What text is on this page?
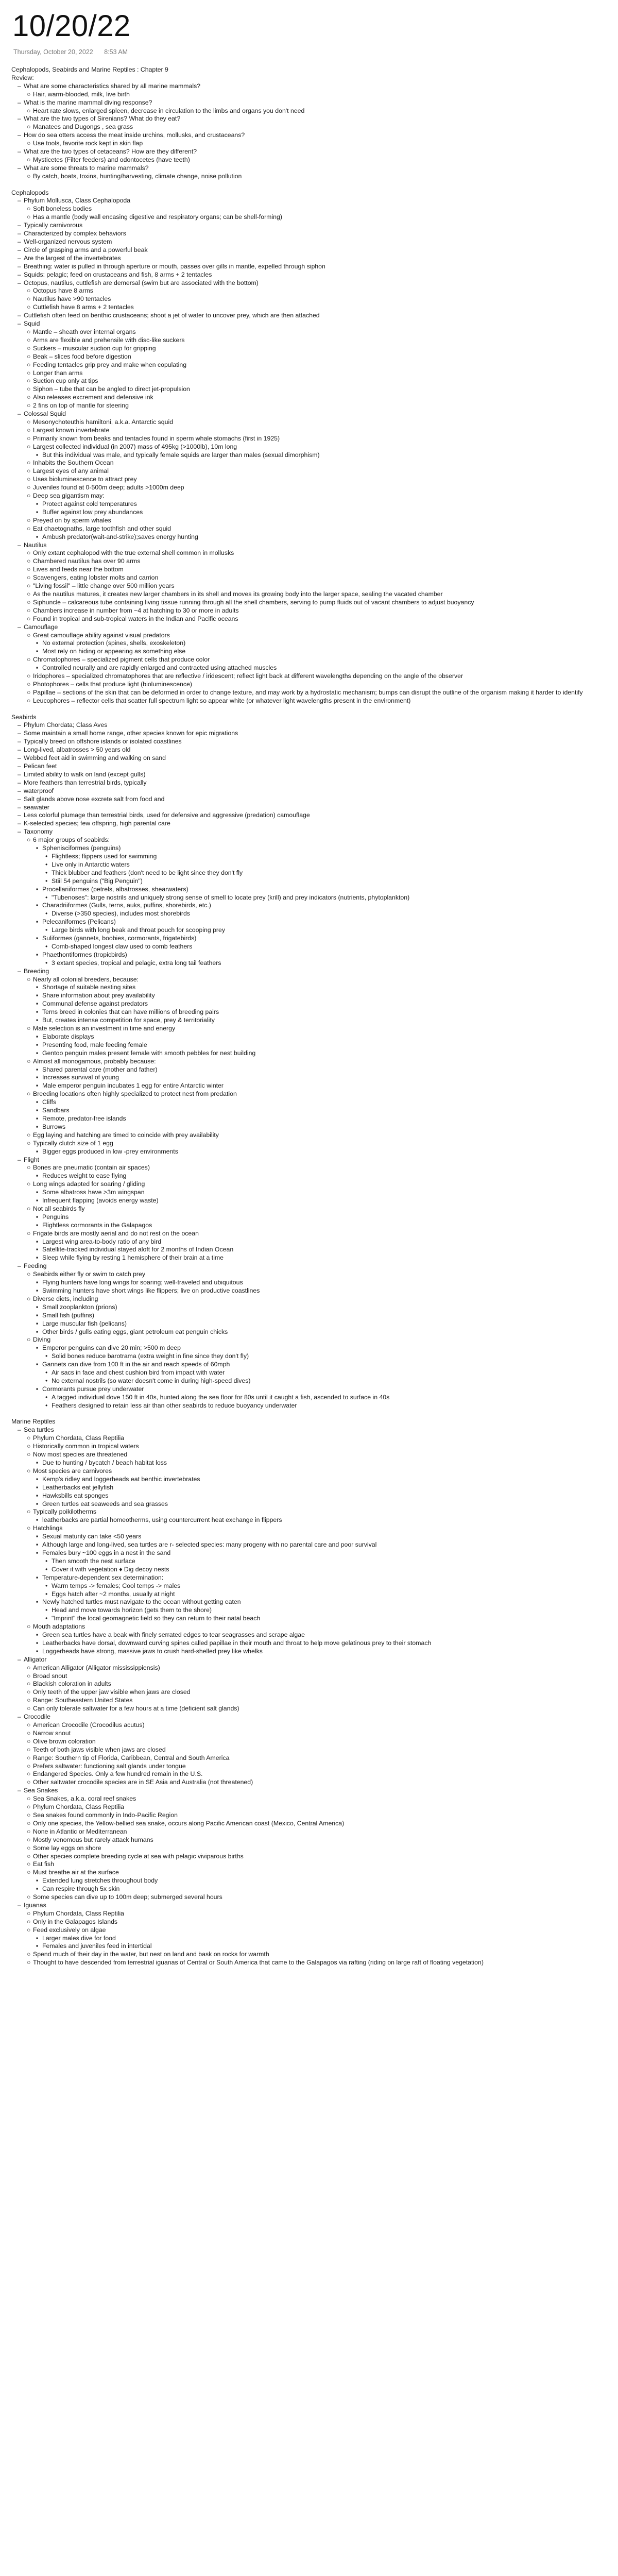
10/20/22
Thursday, October 20, 2022 8:53 AM
Cephalopods, Seabirds and Marine Reptiles : Chapter 9
Review:
– What are some characteristics shared by all marine mammals?
○ Hair, warm-blooded, milk, live birth
– What is the marine mammal diving response?
○ Heart rate slows, enlarged spleen, decrease in circulation to the limbs and organs you don't need
– What are the two types of Sirenians? What do they eat?
○ Manatees and Dugongs , sea grass
– How do sea otters access the meat inside urchins, mollusks, and crustaceans?
○ Use tools, favorite rock kept in skin flap
– What are the two types of cetaceans? How are they different?
○ Mysticetes (Filter feeders) and odontocetes (have teeth)
– What are some threats to marine mammals?
○ By catch, boats, toxins, hunting/harvesting, climate change, noise pollution
Cephalopods
– Phylum Mollusca, Class Cephalopoda
○ Soft boneless bodies
○ Has a mantle (body wall encasing digestive and respiratory organs; can be shell-forming)
– Typically carnivorous
– Characterized by complex behaviors
– Well-organized nervous system
– Circle of grasping arms and a powerful beak
– Are the largest of the invertebrates
– Breathing: water is pulled in through aperture or mouth, passes over gills in mantle, expelled through siphon
– Squids: pelagic; feed on crustaceans and fish, 8 arms + 2 tentacles
– Octopus, nautilus, cuttlefish are demersal (swim but are associated with the bottom)
○ Octopus have 8 arms
○ Nautilus have >90 tentacles
○ Cuttlefish have 8 arms + 2 tentacles
– Cuttlefish often feed on benthic crustaceans; shoot a jet of water to uncover prey, which are then attached
– Squid
○ Mantle – sheath over internal organs
○ Arms are flexible and prehensile with disc-like suckers
○ Suckers – muscular suction cup for gripping
○ Beak – slices food before digestion
○ Feeding tentacles grip prey and make when copulating
○ Longer than arms
○ Suction cup only at tips
○ Siphon – tube that can be angled to direct jet-propulsion
○ Also releases excrement and defensive ink
○ 2 fins on top of mantle for steering
– Colossal Squid
○ Mesonychoteuthis hamiltoni, a.k.a. Antarctic squid
○ Largest known invertebrate
○ Primarily known from beaks and tentacles found in sperm whale stomachs (first in 1925)
○ Largest collected individual (in 2007) mass of 495kg (>1000lb), 10m long
▪ But this individual was male, and typically female squids are larger than males (sexual dimorphism)
○ Inhabits the Southern Ocean
○ Largest eyes of any animal
○ Uses bioluminescence to attract prey
○ Juveniles found at 0-500m deep; adults >1000m deep
○ Deep sea gigantism may:
▪ Protect against cold temperatures
▪ Buffer against low prey abundances
○ Preyed on by sperm whales
○ Eat chaetognaths, large toothfish and other squid
▪ Ambush predator(wait-and-strike);saves energy hunting
– Nautilus
○ Only extant cephalopod with the true external shell common in mollusks
○ Chambered nautilus has over 90 arms
○ Lives and feeds near the bottom
○ Scavengers, eating lobster molts and carrion
○ "Living fossil" – little change over 500 million years
○ As the nautilus matures, it creates new larger chambers in its shell and moves its growing body into the larger space, sealing the vacated chamber
○ Siphuncle – calcareous tube containing living tissue running through all the shell chambers, serving to pump fluids out of vacant chambers to adjust buoyancy
○ Chambers increase in number from ~4 at hatching to 30 or more in adults
○ Found in tropical and sub-tropical waters in the Indian and Pacific oceans
– Camouflage
○ Great camouflage ability against visual predators
▪ No external protection (spines, shells, exoskeleton)
▪ Most rely on hiding or appearing as something else
○ Chromatophores – specialized pigment cells that produce color
▪ Controlled neurally and are rapidly enlarged and contracted using attached muscles
○ Iridophores – specialized chromatophores that are reflective / iridescent; reflect light back at different wavelengths depending on the angle of the observer
○ Photophores – cells that produce light (bioluminescence)
○ Papillae – sections of the skin that can be deformed in order to change texture, and may work by a hydrostatic mechanism; bumps can disrupt the outline of the organism making it harder to identify
○ Leucophores – reflector cells that scatter full spectrum light so appear white (or whatever light wavelengths present in the environment)
Seabirds
– Phylum Chordata; Class Aves
– Some maintain a small home range, other species known for epic migrations
– Typically breed on offshore islands or isolated coastlines
– Long-lived, albatrosses > 50 years old
– Webbed feet aid in swimming and walking on sand
– Pelican feet
– Limited ability to walk on land (except gulls)
– More feathers than terrestrial birds, typically
– waterproof
– Salt glands above nose excrete salt from food and
– seawater
– Less colorful plumage than terrestrial birds, used for defensive and aggressive (predation) camouflage
– K-selected species; few offspring, high parental care
– Taxonomy
○ 6 major groups of seabirds:
▪ Sphenisciformes (penguins)
• Flightless; flippers used for swimming
• Live only in Antarctic waters
• Thick blubber and feathers (don't need to be light since they don't fly
• Stiil 54 penguins ("Big Penguin")
▪ Procellariiformes (petrels, albatrosses, shearwaters)
• "Tubenoses": large nostrils and uniquely strong sense of smell to locate prey (krill) and prey indicators (nutrients, phytoplankton)
▪ Charadriiformes (Gulls, terns, auks, puffins, shorebirds, etc.)
• Diverse (>350 species), includes most shorebirds
▪ Pelecaniformes (Pelicans)
• Large birds with long beak and throat pouch for scooping prey
▪ Suliformes (gannets, boobies, cormorants, frigatebirds)
• Comb-shaped longest claw used to comb feathers
▪ Phaethontiformes (tropicbirds)
• 3 extant species, tropical and pelagic, extra long tail feathers
– Breeding
○ Nearly all colonial breeders, because:
▪ Shortage of suitable nesting sites
▪ Share information about prey availability
▪ Communal defense against predators
▪ Terns breed in colonies that can have millions of breeding pairs
▪ But, creates intense competition for space, prey & territoriality
○ Mate selection is an investment in time and energy
▪ Elaborate displays
▪ Presenting food, male feeding female
▪ Gentoo penguin males present female with smooth pebbles for nest building
○ Almost all monogamous, probably because:
▪ Shared parental care (mother and father)
▪ Increases survival of young
▪ Male emperor penguin incubates 1 egg for entire Antarctic winter
○ Breeding locations often highly specialized to protect nest from predation
▪ Cliffs
▪ Sandbars
▪ Remote, predator-free islands
▪ Burrows
○ Egg laying and hatching are timed to coincide with prey availability
○ Typically clutch size of 1 egg
▪ Bigger eggs produced in low -prey environments
– Flight
○ Bones are pneumatic (contain air spaces)
▪ Reduces weight to ease flying
○ Long wings adapted for soaring / gliding
▪ Some albatross have >3m wingspan
▪ Infrequent flapping (avoids energy waste)
○ Not all seabirds fly
▪ Penguins
▪ Flightless cormorants in the Galapagos
○ Frigate birds are mostly aerial and do not rest on the ocean
▪ Largest wing area-to-body ratio of any bird
▪ Satellite-tracked individual stayed aloft for 2 months of Indian Ocean
▪ Sleep while flying by resting 1 hemisphere of their brain at a time
– Feeding
○ Seabirds either fly or swim to catch prey
▪ Flying hunters have long wings for soaring; well-traveled and ubiquitous
▪ Swimming hunters have short wings like flippers; live on productive coastlines
○ Diverse diets, including
▪ Small zooplankton (prions)
▪ Small fish (puffins)
▪ Large muscular fish (pelicans)
▪ Other birds / gulls eating eggs, giant petroleum eat penguin chicks
○ Diving
▪ Emperor penguins can dive 20 min; >500 m deep
• Solid bones reduce barotrama (extra weight in fine since they don't fly)
▪ Gannets can dive from 100 ft in the air and reach speeds of 60mph
• Air sacs in face and chest cushion bird from impact with water
• No external nostrils (so water doesn't come in during high-speed dives)
▪ Cormorants pursue prey underwater
• A tagged individual dove 150 ft in 40s, hunted along the sea floor for 80s until it caught a fish, ascended to surface in 40s
• Feathers designed to retain less air than other seabirds to reduce buoyancy underwater
Marine Reptiles
– Sea turtles
○ Phylum Chordata, Class Reptilia
○ Historically common in tropical waters
○ Now most species are threatened
▪ Due to hunting / bycatch / beach habitat loss
○ Most species are carnivores
▪ Kemp's ridley and loggerheads eat benthic invertebrates
▪ Leatherbacks eat jellyfish
▪ Hawksbills eat sponges
▪ Green turtles eat seaweeds and sea grasses
○ Typically poikilotherms
▪ leatherbacks are partial homeotherms, using countercurrent heat exchange in flippers
○ Hatchlings
▪ Sexual maturity can take <50 years
▪ Although large and long-lived, sea turtles are r- selected species: many progeny with no parental care and poor survival
▪ Females bury ~100 eggs in a nest in the sand
• Then smooth the nest surface
• Cover it with vegetation ♦ Dig decoy nests
▪ Temperature-dependent sex determination:
• Warm temps -> females; Cool temps -> males
• Eggs hatch after ~2 months, usually at night
▪ Newly hatched turtles must navigate to the ocean without getting eaten
• Head and move towards horizon (gets them to the shore)
• "Imprint" the local geomagnetic field so they can return to their natal beach
○ Mouth adaptations
▪ Green sea turtles have a beak with finely serrated edges to tear seagrasses and scrape algae
▪ Leatherbacks have dorsal, downward curving spines called papillae in their mouth and throat to help move gelatinous prey to their stomach
▪ Loggerheads have strong, massive jaws to crush hard-shelled prey like whelks
– Alligator
○ American Alligator (Alligator mississippiensis)
○ Broad snout
○ Blackish coloration in adults
○ Only teeth of the upper jaw visible when jaws are closed
○ Range: Southeastern United States
○ Can only tolerate saltwater for a few hours at a time (deficient salt glands)
– Crocodile
○ American Crocodile (Crocodilus acutus)
○ Narrow snout
○ Olive brown coloration
○ Teeth of both jaws visible when jaws are closed
○ Range: Southern tip of Florida, Caribbean, Central and South America
○ Prefers saltwater: functioning salt glands under tongue
○ Endangered Species. Only a few hundred remain in the U.S.
○ Other saltwater crocodile species are in SE Asia and Australia (not threatened)
– Sea Snakes
○ Sea Snakes, a.k.a. coral reef snakes
○ Phylum Chordata, Class Reptilia
○ Sea snakes found commonly in Indo-Pacific Region
○ Only one species, the Yellow-bellied sea snake, occurs along Pacific American coast (Mexico, Central America)
○ None in Atlantic or Mediterranean
○ Mostly venomous but rarely attack humans
○ Some lay eggs on shore
○ Other species complete breeding cycle at sea with pelagic viviparous births
○ Eat fish
○ Must breathe air at the surface
▪ Extended lung stretches throughout body
▪ Can respire through 5x skin
○ Some species can dive up to 100m deep; submerged several hours
– Iguanas
○ Phylum Chordata, Class Reptilia
○ Only in the Galapagos Islands
○ Feed exclusively on algae
▪ Larger males dive for food
▪ Females and juveniles feed in intertidal
○ Spend much of their day in the water, but nest on land and bask on rocks for warmth
○ Thought to have descended from terrestrial iguanas of Central or South America that came to the Galapagos via rafting (riding on large raft of floating vegetation)
